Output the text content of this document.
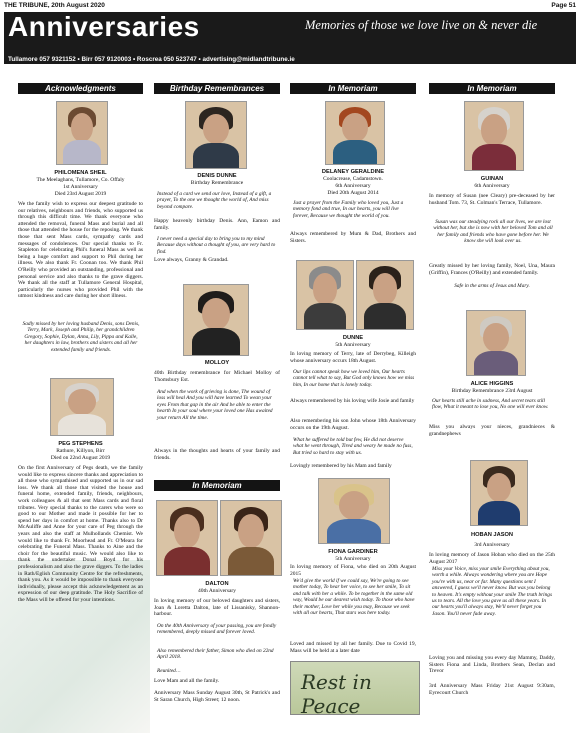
THE TRIBUNE, 20th August 2020	Page 51
Anniversaries	Memories of those we love live on & never die
Tullamore 057 9321152 • Birr 057 9120003 • Roscrea 050 523747 • advertising@midlandtribune.ie
Acknowledgments	Birthday Remembrances	In Memoriam	In Memoriam
PHILOMENA SHEIL
The Meelaghans, Tullamore, Co. Offaly
1st Anniversary
Died 23rd August 2019
We the family wish to express our deepest gratitude to our relatives, neighbours and friends, who supported us through this difficult time. We thank everyone who attended the removal, funeral Mass and burial and all those that attended the house for the reposing. We thank those that sent Mass cards, sympathy cards and messages of condolences. Our special thanks to Fr. Stapleton for celebrating Phil's funeral Mass as well as being a huge comfort and support to Phil during her illness. We also thank Fr. Coonan too. We thank Phil O'Reilly who provided an outstanding, professional and personal service and also thanks to the grave diggers. We thank all the staff at Tullamore General Hospital, particularly the nurses who provided Phil with the utmost kindness and care during her short illness.
Sadly missed by her loving husband Denis, sons Denis, Terry, Mark, Joseph and Philip, her grandchildren Gregory, Sophie, Dylan, Anna, Lily, Pippa and Kalle, her daughters in law, brothers and sisters and all her extended family and friends.
PEG STEPHENS
Rathure, Killyon, Birr
Died on 22nd August 2019
On the first Anniversary of Pegs death, we the family would like to express sincere thanks and appreciation to all those who sympathised and supported us in our sad loss. We thank all those that visited the house and funeral home, extended family, friends, neighbours, work colleagues & all that sent Mass cards and floral tributes. Very special thanks to the carers who were so good to our Mother and made it possible for her to spend her days in comfort at home. Thanks also to Dr McAuliffe and Anne for your care of Peg through the years and also the staff at Mulhollands Chemist. We would like to thank Fr. Moorhead and Fr. O'Meara for celebrating the Funeral Mass. Thanks to Aine and the choir for the beautiful music. We would also like to thank the undertaker Donal Boyd for his professionalism and also the grave diggers. To the ladies in Rath/Eglish Community Centre for the refreshments, thank you. As it would be impossible to thank everyone individually, please accept this acknowledgement as an expression of our deep gratitude. The Holy Sacrifice of the Mass will be offered for your intentions.
DENIS DUNNE
Birthday Remembrance
Instead of a card we send our love, Instead of a gift, a prayer, To the one we thought the world of, And miss beyond compare.
Happy heavenly birthday Denis. Ann, Eamon and family.
I never need a special day to bring you to my mind Because days without a thought of you, are very hard to find.
Love always, Granny & Grandad.
MOLLOY
40th Birthday remembrance for Michael Molloy of Thomsbury Est.
And when the work of grieving is done, The wound of loss will heal And you will have learned To wean your eyes From that gap in the air And be able to enter the hearth In your soul where your loved one Has awaited your return All the time.
Always in the thoughts and hearts of your family and friends.
In Memoriam
DALTON
40th Anniversary
In loving memory of our beloved daughters and sisters, Joan & Loretta Dalton, late of Lissanisky, Shannon-harbour.
On the 40th Anniversary of your passing, you are fondly remembered, deeply missed and forever loved.
Also remembered their father, Simon who died on 22nd April 2018.
Reunited…
Love Mam and all the family.
Anniversary Mass Sunday August 30th, St Patrick's and St Saran Church, High Street; 12 noon.
DELANEY GERALDINE
Coolacrease, Cadamstown.
6th Anniversary
Died 20th August 2014
Just a prayer from the Family who loved you, Just a memory fond and true, In our hearts, you will live forever, Because we thought the world of you.
Always remembered by Mum & Dad, Brothers and Sisters.
DUNNE
5th Anniversary
In loving memory of Terry, late of Derrybeg, Killeigh whose anniversary occurs 18th August.
Our lips cannot speak how we loved him, Our hearts cannot tell what to say, But God only knows how we miss him, In our home that is lonely today.
Always remembered by his loving wife Josie and family
Also remembering his son John whose 18th Anniversary occurs on the 19th August.
What he suffered he told but few, He did not deserve what he went through, Tired and weary he made no fuss, But tried so hard to stay with us.
Lovingly remembered by his Mam and family
FIONA GARDINER
5th Anniversary
In loving memory of Fiona, who died on 20th August 2015
We'd give the world if we could say, We're going to see mother today, To hear her voice, to see her smile, To sit and talk with her a while. To be together in the same old way, Would be our dearest wish today. To those who have their mother, Love her while you may, Because we seek with all our hearts, That stars was here today.
Loved and missed by all her family. Due to Covid 19, Mass will be held at a later date
Rest in Peace
GUINAN
6th Anniversary
In memory of Susan (nee Cleary) pre-deceased by her husband Tom. 73, St. Colman's Terrace, Tullamore.
Susan was our steadying rock all our lives, we are lost without her, but she is now with her beloved Tom and all her family and friends who have gone before her. We know she will look over us.
Greatly missed by her loving family, Noel, Una, Maura (Griffin), Frances (O'Reilly) and extended family.
Safe in the arms of Jesus and Mary.
ALICE HIGGINS
Birthday Remembrance 23rd August
Our hearts still ache in sadness, And secret tears still flow, What it meant to lose you, No one will ever know.
Miss you always your nieces, grandnieces & grandnephews
HOBAN JASON
3rd Anniversary
In loving memory of Jason Hoban who died on the 25th August 2017
Miss your Voice, miss your smile Everything about you, worth a while. Always wondering where you are Hope you're with us, near or far. Many questions sent I answered, I guess we'll never know. But was you belong to heaven. It's empty without your smile The truth brings us to tears. All the love you gave us all these years. In our hearts you'll always stay, We'll never forget you Jason. You'll never fade away.
Loving you and missing you every day Mammy, Daddy, Sisters Fiona and Linda, Brothers Sean, Declan and Trevor
3rd Anniversary Mass Friday 21st August 9:30am, Eyrecourt Church
